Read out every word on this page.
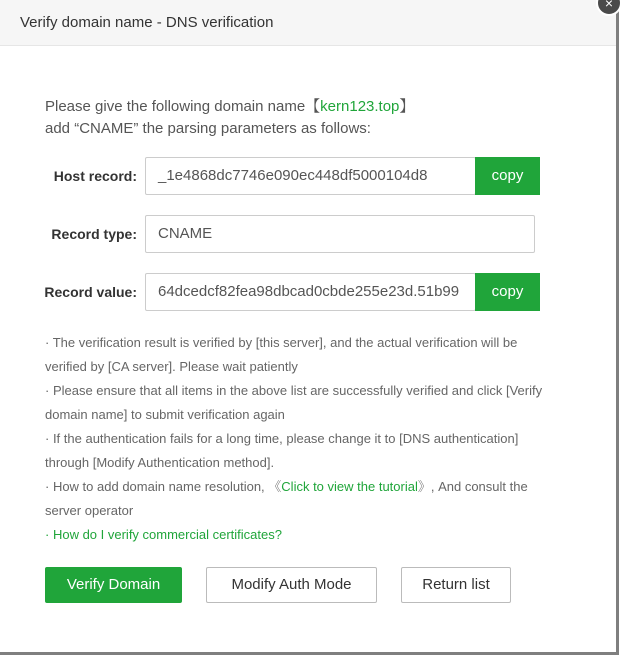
Verify domain name - DNS verification
×
Please give the following domain name【kern123.top】
add “CNAME” the parsing parameters as follows:
Host record:	_1e4868dc7746e090ec448df5000104d8	copy
Record type:	CNAME
Record value:	64dcedcf82fea98dbcad0cbde255e23d.51b99	copy
· The verification result is verified by [this server], and the actual verification will be verified by [CA server]. Please wait patiently
· Please ensure that all items in the above list are successfully verified and click [Verify domain name] to submit verification again
· If the authentication fails for a long time, please change it to [DNS authentication] through [Modify Authentication method].
· How to add domain name resolution, 《Click to view the tutorial》, And consult the server operator
· How do I verify commercial certificates?
Verify Domain	Modify Auth Mode	Return list
